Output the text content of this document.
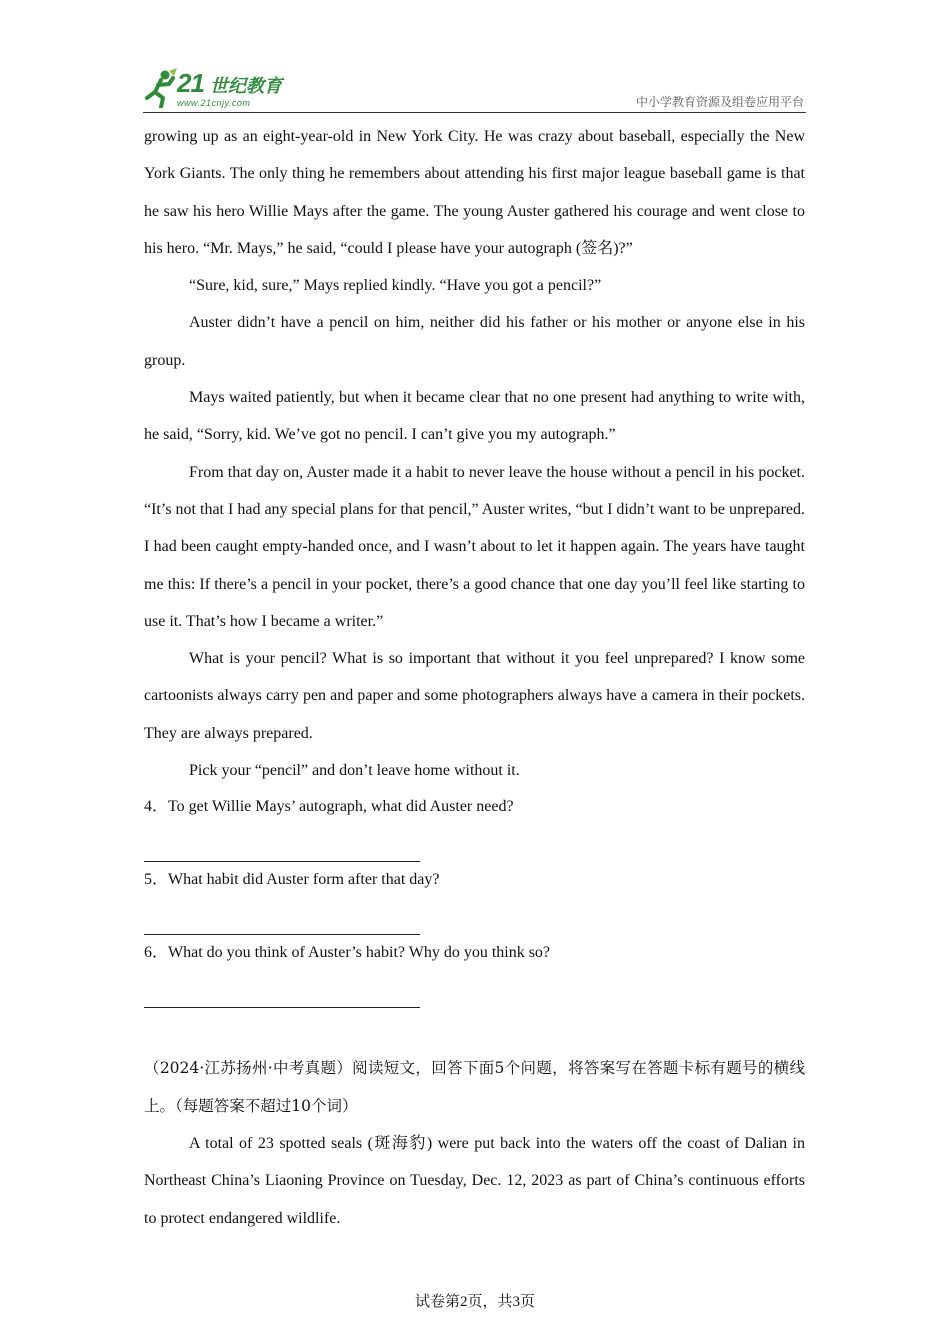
21 世纪教育
www.21cnjy.com	中小学教育资源及组卷应用平台

growing up as an eight-year-old in New York City. He was crazy about baseball, especially the New York Giants. The only thing he remembers about attending his first major league baseball game is that he saw his hero Willie Mays after the game. The young Auster gathered his courage and went close to his hero. “Mr. Mays,” he said, “could I please have your autograph (签名)?”

“Sure, kid, sure,” Mays replied kindly. “Have you got a pencil?”

Auster didn’t have a pencil on him, neither did his father or his mother or anyone else in his group.

Mays waited patiently, but when it became clear that no one present had anything to write with, he said, “Sorry, kid. We’ve got no pencil. I can’t give you my autograph.”

From that day on, Auster made it a habit to never leave the house without a pencil in his pocket. “It’s not that I had any special plans for that pencil,” Auster writes, “but I didn’t want to be unprepared. I had been caught empty-handed once, and I wasn’t about to let it happen again. The years have taught me this: If there’s a pencil in your pocket, there’s a good chance that one day you’ll feel like starting to use it. That’s how I became a writer.”

What is your pencil? What is so important that without it you feel unprepared? I know some cartoonists always carry pen and paper and some photographers always have a camera in their pockets. They are always prepared.

Pick your “pencil” and don’t leave home without it.

4．To get Willie Mays’ autograph, what did Auster need?

5．What habit did Auster form after that day?

6．What do you think of Auster’s habit? Why do you think so?

（2024·江苏扬州·中考真题）阅读短文，回答下面5个问题，将答案写在答题卡标有题号的横线上。（每题答案不超过10个词）

A total of 23 spotted seals (斑海豹) were put back into the waters off the coast of Dalian in Northeast China’s Liaoning Province on Tuesday, Dec. 12, 2023 as part of China’s continuous efforts to protect endangered wildlife.

试卷第2页，共3页
